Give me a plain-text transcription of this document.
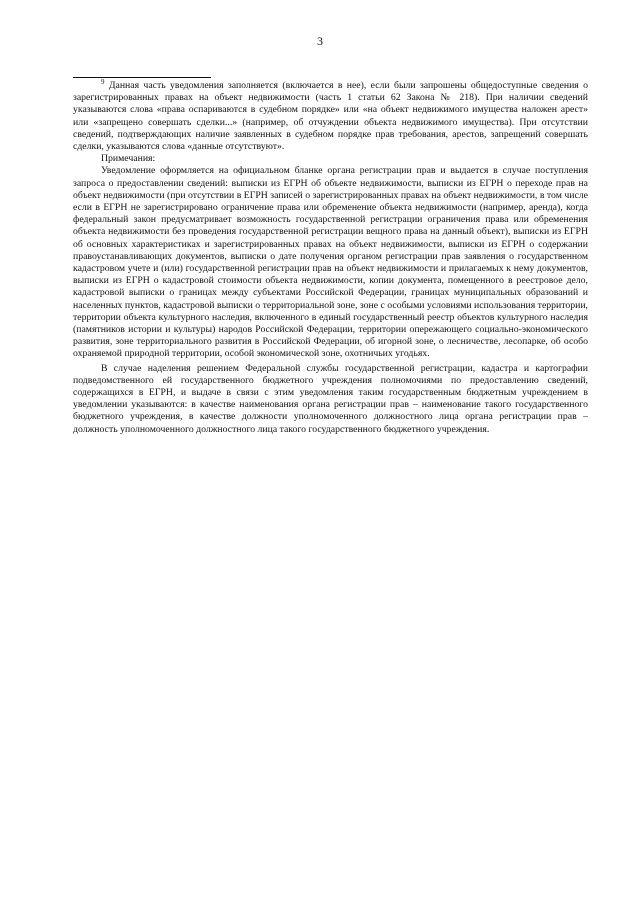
3

$^9$ Данная часть уведомления заполняется (включается в нее), если были запрошены общедоступные сведения о зарегистрированных правах на объект недвижимости (часть 1 статьи 62 Закона № 218). При наличии сведений указываются слова «права оспариваются в судебном порядке» или «на объект недвижимого имущества наложен арест» или «запрещено совершать сделки...» (например, об отчуждении объекта недвижимого имущества). При отсутствии сведений, подтверждающих наличие заявленных в судебном порядке прав требования, арестов, запрещений совершать сделки, указываются слова «данные отсутствуют».

Примечания:

Уведомление оформляется на официальном бланке органа регистрации прав и выдается в случае поступления запроса о предоставлении сведений: выписки из ЕГРН об объекте недвижимости, выписки из ЕГРН о переходе прав на объект недвижимости (при отсутствии в ЕГРН записей о зарегистрированных правах на объект недвижимости, в том числе если в ЕГРН не зарегистрировано ограничение права или обременение объекта недвижимости (например, аренда), когда федеральный закон предусматривает возможность государственной регистрации ограничения права или обременения объекта недвижимости без проведения государственной регистрации вещного права на данный объект), выписки из ЕГРН об основных характеристиках и зарегистрированных правах на объект недвижимости, выписки из ЕГРН о содержании правоустанавливающих документов, выписки о дате получения органом регистрации прав заявления о государственном кадастровом учете и (или) государственной регистрации прав на объект недвижимости и прилагаемых к нему документов, выписки из ЕГРН о кадастровой стоимости объекта недвижимости, копии документа, помещенного в реестровое дело, кадастровой выписки о границах между субъектами Российской Федерации, границах муниципальных образований и населенных пунктов, кадастровой выписки о территориальной зоне, зоне с особыми условиями использования территории, территории объекта культурного наследия, включенного в единый государственный реестр объектов культурного наследия (памятников истории и культуры) народов Российской Федерации, территории опережающего социально-экономического развития, зоне территориального развития в Российской Федерации, об игорной зоне, о лесничестве, лесопарке, об особо охраняемой природной территории, особой экономической зоне, охотничьих угодьях.

В случае наделения решением Федеральной службы государственной регистрации, кадастра и картографии подведомственного ей государственного бюджетного учреждения полномочиями по предоставлению сведений, содержащихся в ЕГРН, и выдаче в связи с этим уведомления таким государственным бюджетным учреждением в уведомлении указываются: в качестве наименования органа регистрации прав – наименование такого государственного бюджетного учреждения, в качестве должности уполномоченного должностного лица органа регистрации прав – должность уполномоченного должностного лица такого государственного бюджетного учреждения.
